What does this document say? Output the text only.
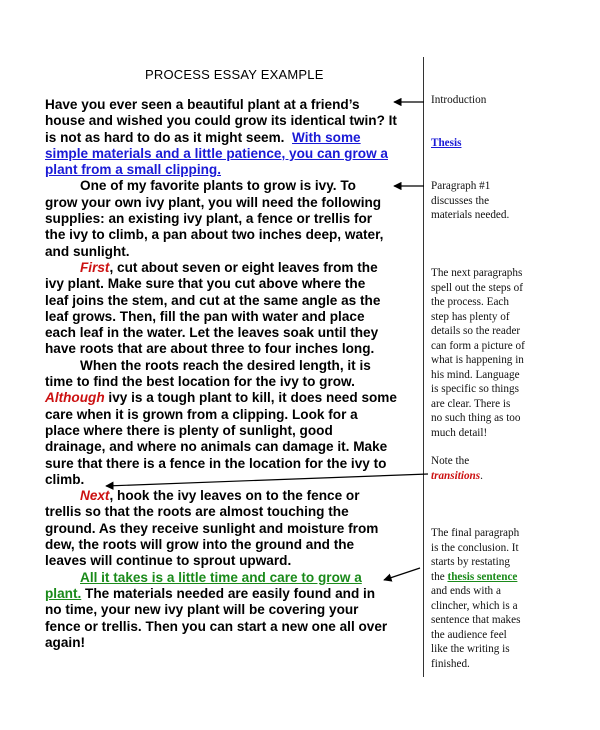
PROCESS ESSAY EXAMPLE
Have you ever seen a beautiful plant at a friend’s
house and wished you could grow its identical twin? It
is not as hard to do as it might seem. With some
simple materials and a little patience, you can grow a
plant from a small clipping.
One of my favorite plants to grow is ivy. To
grow your own ivy plant, you will need the following
supplies: an existing ivy plant, a fence or trellis for
the ivy to climb, a pan about two inches deep, water,
and sunlight.
First, cut about seven or eight leaves from the
ivy plant. Make sure that you cut above where the
leaf joins the stem, and cut at the same angle as the
leaf grows. Then, fill the pan with water and place
each leaf in the water. Let the leaves soak until they
have roots that are about three to four inches long.
When the roots reach the desired length, it is
time to find the best location for the ivy to grow.
Although ivy is a tough plant to kill, it does need some
care when it is grown from a clipping. Look for a
place where there is plenty of sunlight, good
drainage, and where no animals can damage it. Make
sure that there is a fence in the location for the ivy to
climb.
Next, hook the ivy leaves on to the fence or
trellis so that the roots are almost touching the
ground. As they receive sunlight and moisture from
dew, the roots will grow into the ground and the
leaves will continue to sprout upward.
All it takes is a little time and care to grow a
plant. The materials needed are easily found and in
no time, your new ivy plant will be covering your
fence or trellis. Then you can start a new one all over
again!
Introduction
Thesis
Paragraph #1
discusses the
materials needed.
The next paragraphs
spell out the steps of
the process. Each
step has plenty of
details so the reader
can form a picture of
what is happening in
his mind. Language
is specific so things
are clear. There is
no such thing as too
much detail!
Note the
transitions.
The final paragraph
is the conclusion. It
starts by restating
the thesis sentence
and ends with a
clincher, which is a
sentence that makes
the audience feel
like the writing is
finished.
